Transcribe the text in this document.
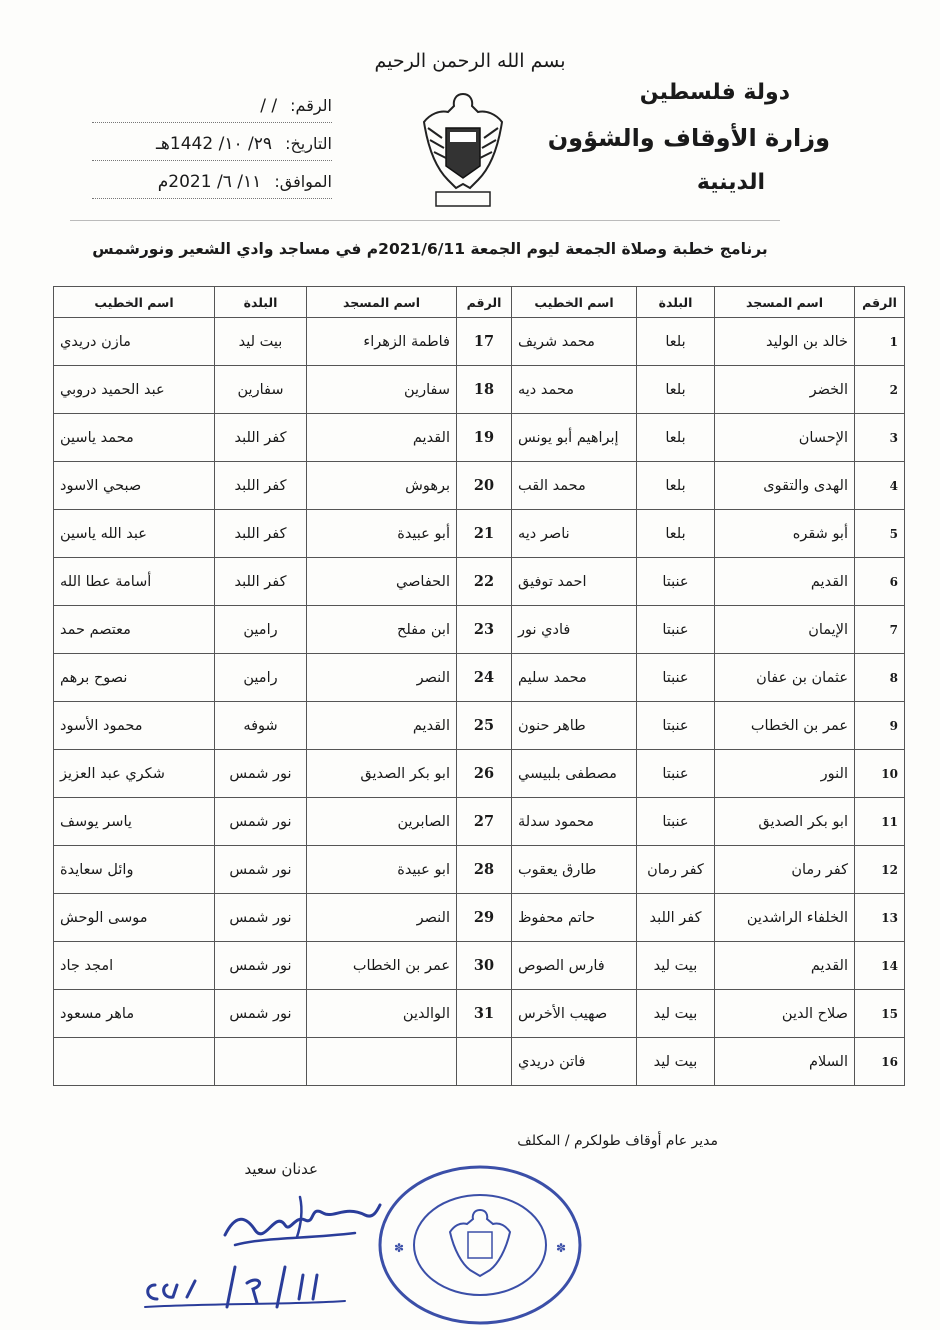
بسم الله الرحمن الرحيم
دولة فلسطين
وزارة الأوقاف والشؤون
الدينية
الرقم: / /
التاريخ: ٢٩/ ١٠/ 1442هـ
الموافق: ١١/ ٦/ 2021م
برنامج خطبة وصلاة الجمعة ليوم الجمعة 2021/6/11م في مساجد وادي الشعير ونورشمس
الرقم	اسم المسجد	البلدة	اسم الخطيب	الرقم	اسم المسجد	البلدة	اسم الخطيب
1	خالد بن الوليد	بلعا	محمد شريف	17	فاطمة الزهراء	بيت ليد	مازن دريدي
2	الخضر	بلعا	محمد ديه	18	سفارين	سفارين	عبد الحميد دروبي
3	الإحسان	بلعا	إبراهيم أبو يونس	19	القديم	كفر اللبد	محمد ياسين
4	الهدى والتقوى	بلعا	محمد القب	20	برهوش	كفر اللبد	صبحي الاسود
5	أبو شقره	بلعا	ناصر ديه	21	أبو عبيدة	كفر اللبد	عبد الله ياسين
6	القديم	عنبتا	احمد توفيق	22	الحفاصي	كفر اللبد	أسامة عطا الله
7	الإيمان	عنبتا	فادي نور	23	ابن مفلح	رامين	معتصم حمد
8	عثمان بن عفان	عنبتا	محمد سليم	24	النصر	رامين	نصوح برهم
9	عمر بن الخطاب	عنبتا	طاهر حنون	25	القديم	شوفه	محمود الأسود
10	النور	عنبتا	مصطفى بلبيسي	26	ابو بكر الصديق	نور شمس	شكري عبد العزيز
11	ابو بكر الصديق	عنبتا	محمود سدلة	27	الصابرين	نور شمس	ياسر يوسف
12	كفر رمان	كفر رمان	طارق يعقوب	28	ابو عبيدة	نور شمس	وائل سعايدة
13	الخلفاء الراشدين	كفر اللبد	حاتم محفوظ	29	النصر	نور شمس	موسى الوحش
14	القديم	بيت ليد	فارس الصوص	30	عمر بن الخطاب	نور شمس	امجد جاد
15	صلاح الدين	بيت ليد	صهيب الأخرس	31	الوالدين	نور شمس	ماهر مسعود
16	السلام	بيت ليد	فاتن دريدي				
مدير عام أوقاف طولكرم / المكلف
عدنان سعيد
✽	✽
